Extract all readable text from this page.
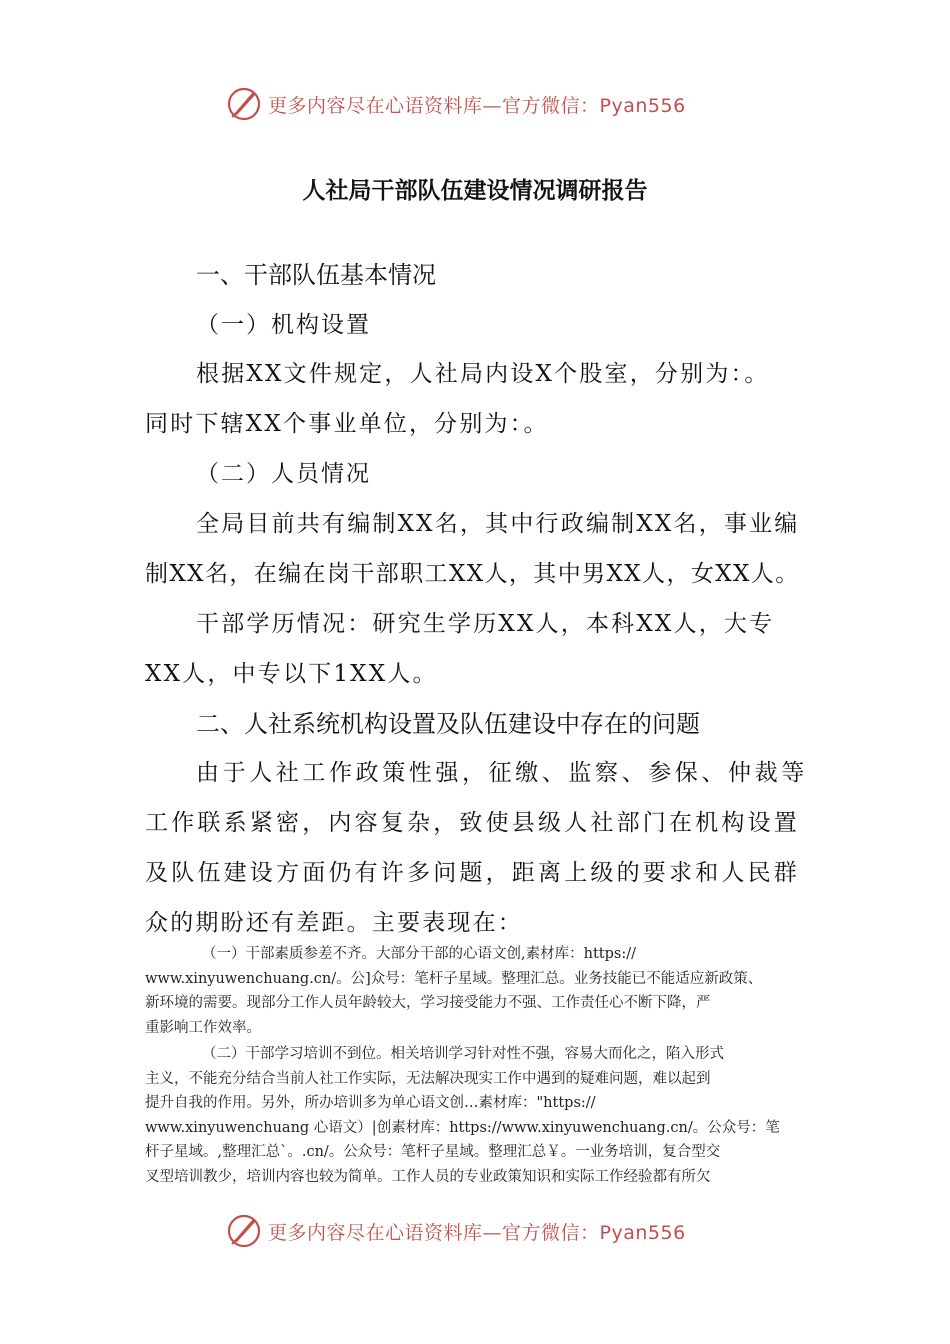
更多内容尽在心语资料库—官方微信：Pyan556
人社局干部队伍建设情况调研报告
一、干部队伍基本情况
（一）机构设置
根据XX文件规定，人社局内设X个股室，分别为：。
同时下辖XX个事业单位，分别为：。
（二）人员情况
全局目前共有编制XX名，其中行政编制XX名，事业编
制XX名，在编在岗干部职工XX人，其中男XX人，女XX人。
干部学历情况：研究生学历XX人，本科XX人，大专
XX人，中专以下1XX人。
二、人社系统机构设置及队伍建设中存在的问题
由于人社工作政策性强，征缴、监察、参保、仲裁等
工作联系紧密，内容复杂，致使县级人社部门在机构设置
及队伍建设方面仍有许多问题，距离上级的要求和人民群
众的期盼还有差距。主要表现在：
（一）干部素质参差不齐。大部分干部的心语文创,素材库：https://
www.xinyuwenchuang.cn/。公]众号：笔杆子星域。整理汇总。业务技能已不能适应新政策、
新环境的需要。现部分工作人员年龄较大，学习接受能力不强、工作责任心不断下降，严
重影响工作效率。
（二）干部学习培训不到位。相关培训学习针对性不强，容易大而化之，陷入形式
主义，不能充分结合当前人社工作实际，无法解决现实工作中遇到的疑难问题，难以起到
提升自我的作用。另外，所办培训多为单心语文创…素材库："https://
www.xinyuwenchuang 心语文）|创素材库：https://www.xinyuwenchuang.cn/。公众号：笔
杆子星域。,整理汇总`。.cn/。公众号：笔杆子星域。整理汇总￥。一业务培训，复合型交
叉型培训教少，培训内容也较为简单。工作人员的专业政策知识和实际工作经验都有所欠
更多内容尽在心语资料库—官方微信：Pyan556
